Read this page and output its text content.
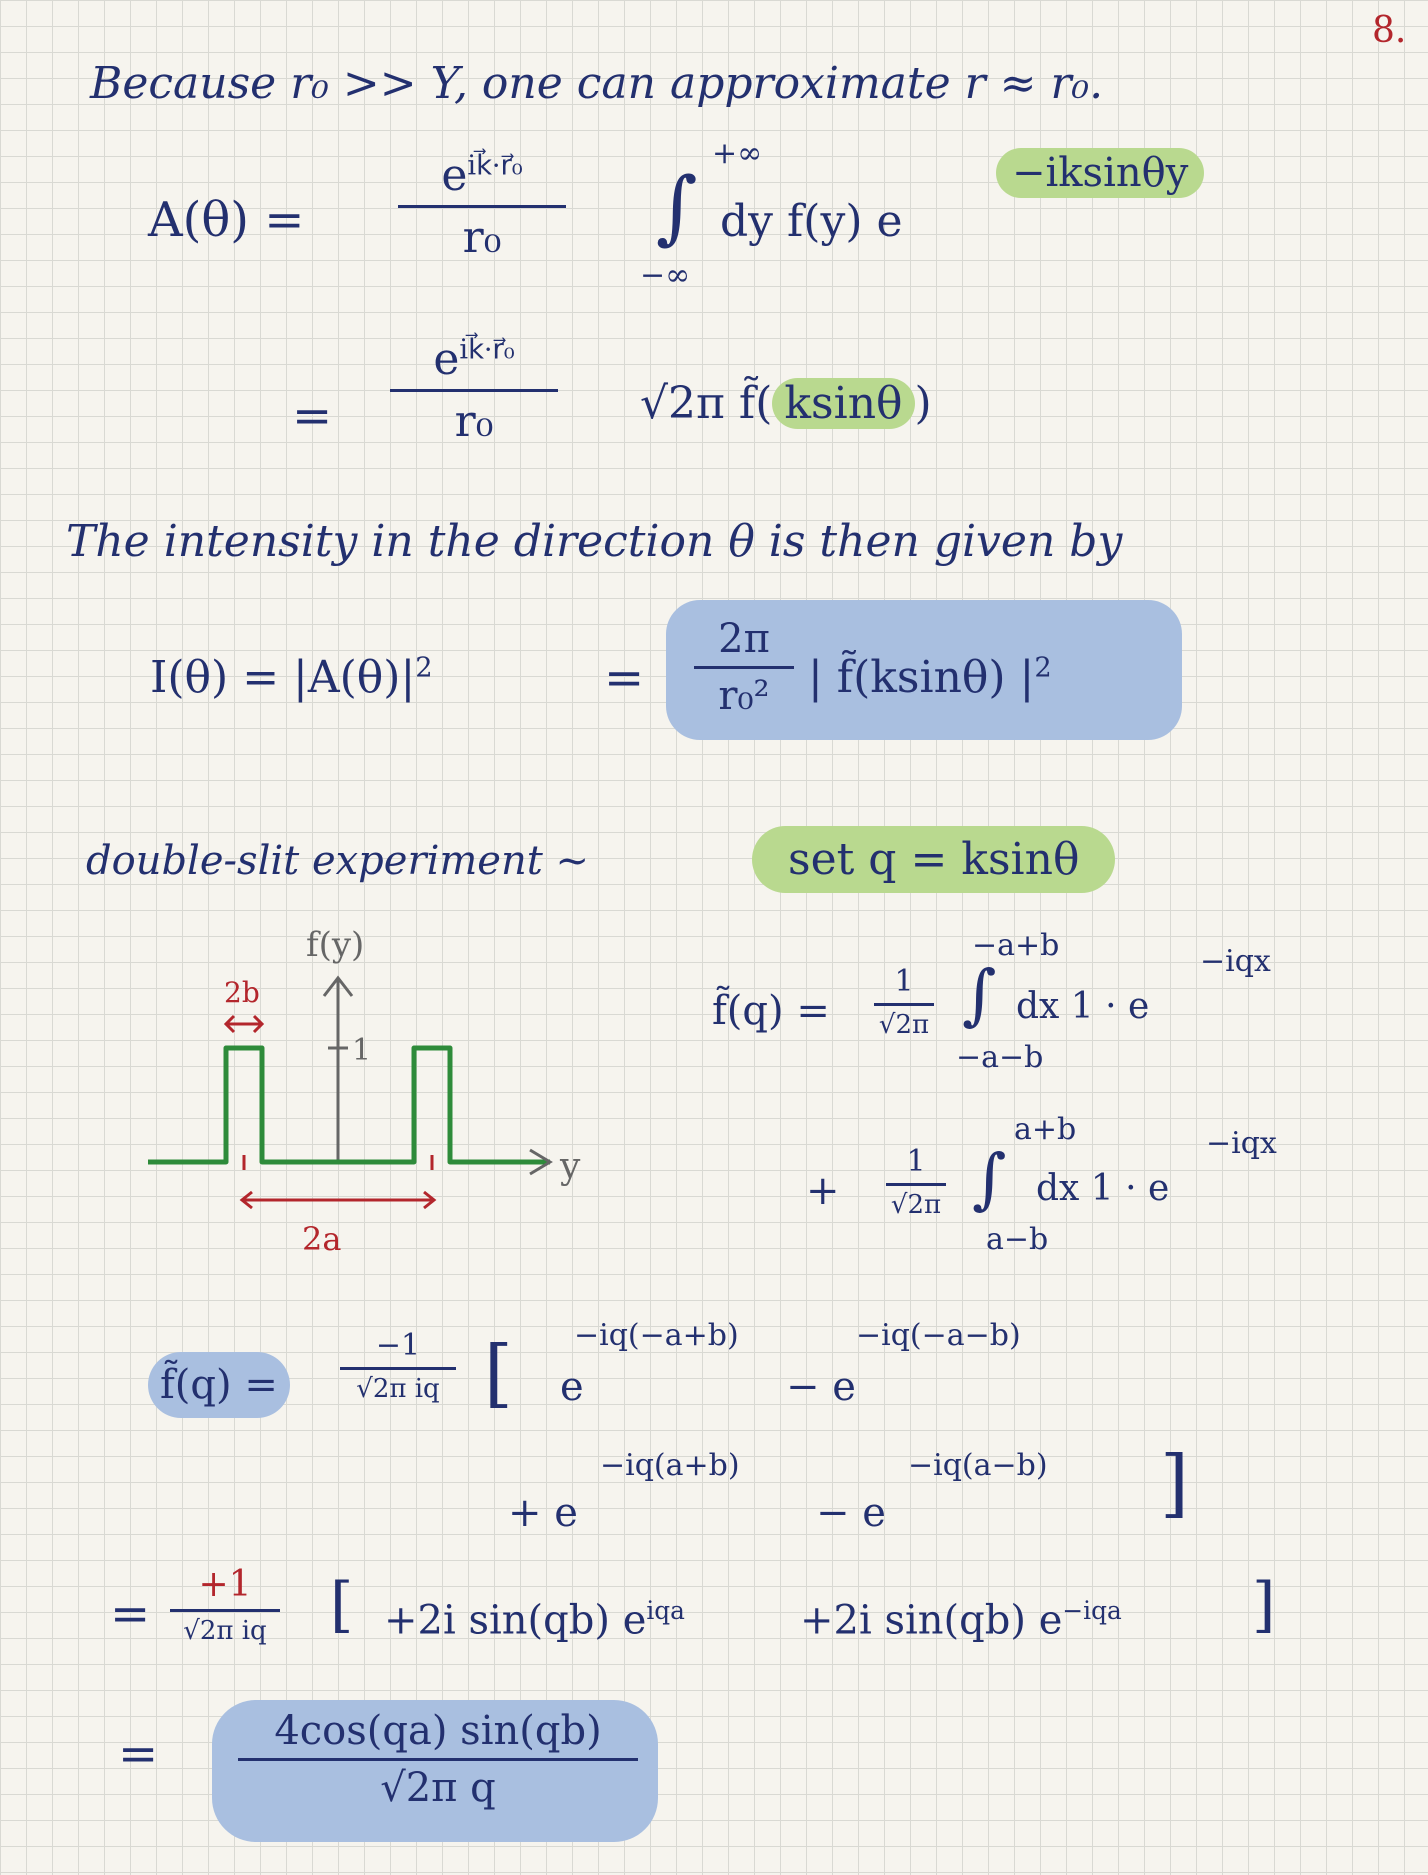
8.
Because r₀ >> Y, one can approximate r ≈ r₀.
A(θ) =
$e^{ik⃗\cdot r⃗_0}$
r₀
+∞
∫
−∞
dy f(y) e
−iksinθy
=
$e^{ik⃗\cdot r⃗_0}$
r₀	√2π f̃( ksinθ )
The intensity in the direction θ is then given by
$I(\theta) = |A(\theta)|^2$	=
2π
r₀² | f̃(ksinθ) $|^2$
double-slit experiment ~	set q = ksinθ
f(y)
1
y
2b
2a
f̃(q) =
1
√2π
−a+b
∫
−a−b
dx 1 · e
−iqx
+
1
√2π
a+b
∫
a−b
dx 1 · e
−iqx
f̃(q) =
−1
√2π iq [ e
−iq(−a+b)
− e
−iq(−a−b)
+ e
−iq(a+b)
− e
−iq(a−b) ]
=
+1
√2π iq [ +2i sin(qb) $e^{iqa}$	+2i sin(qb) $e^{-iqa}$ ]
=	4cos(qa) sin(qb)
√2π q
